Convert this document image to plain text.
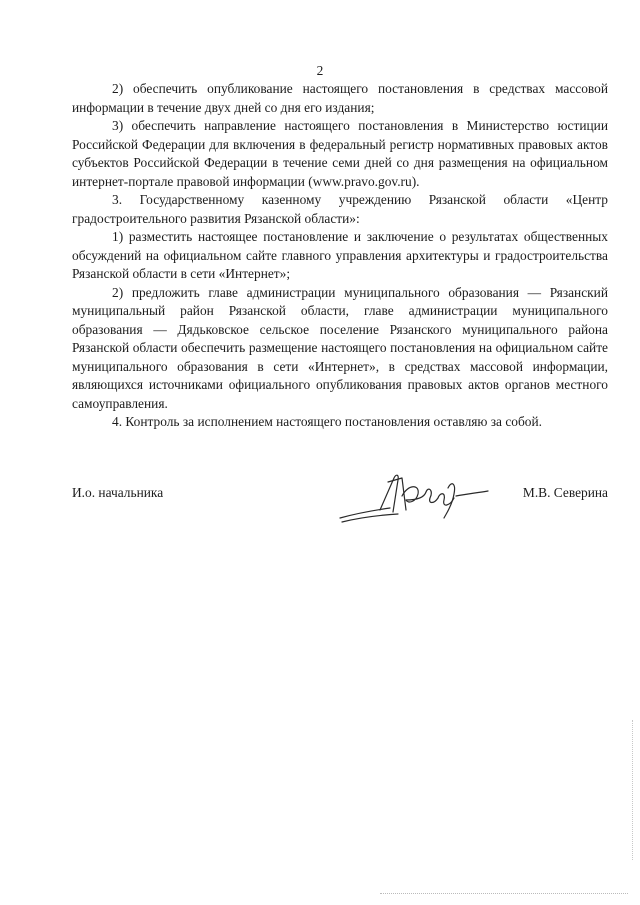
2

2) обеспечить опубликование настоящего постановления в средствах массовой информации в течение двух дней со дня его издания;

3) обеспечить направление настоящего постановления в Министерство юстиции Российской Федерации для включения в федеральный регистр нормативных правовых актов субъектов Российской Федерации в течение семи дней со дня размещения на официальном интернет-портале правовой информации (www.pravo.gov.ru).

3. Государственному казенному учреждению Рязанской области «Центр градостроительного развития Рязанской области»:

1) разместить настоящее постановление и заключение о результатах общественных обсуждений на официальном сайте главного управления архитектуры и градостроительства Рязанской области в сети «Интернет»;

2) предложить главе администрации муниципального образования — Рязанский муниципальный район Рязанской области, главе администрации муниципального образования — Дядьковское сельское поселение Рязанского муниципального района Рязанской области обеспечить размещение настоящего постановления на официальном сайте муниципального образования в сети «Интернет», в средствах массовой информации, являющихся источниками официального опубликования правовых актов органов местного самоуправления.

4. Контроль за исполнением настоящего постановления оставляю за собой.

И.о. начальника	М.В. Северина
